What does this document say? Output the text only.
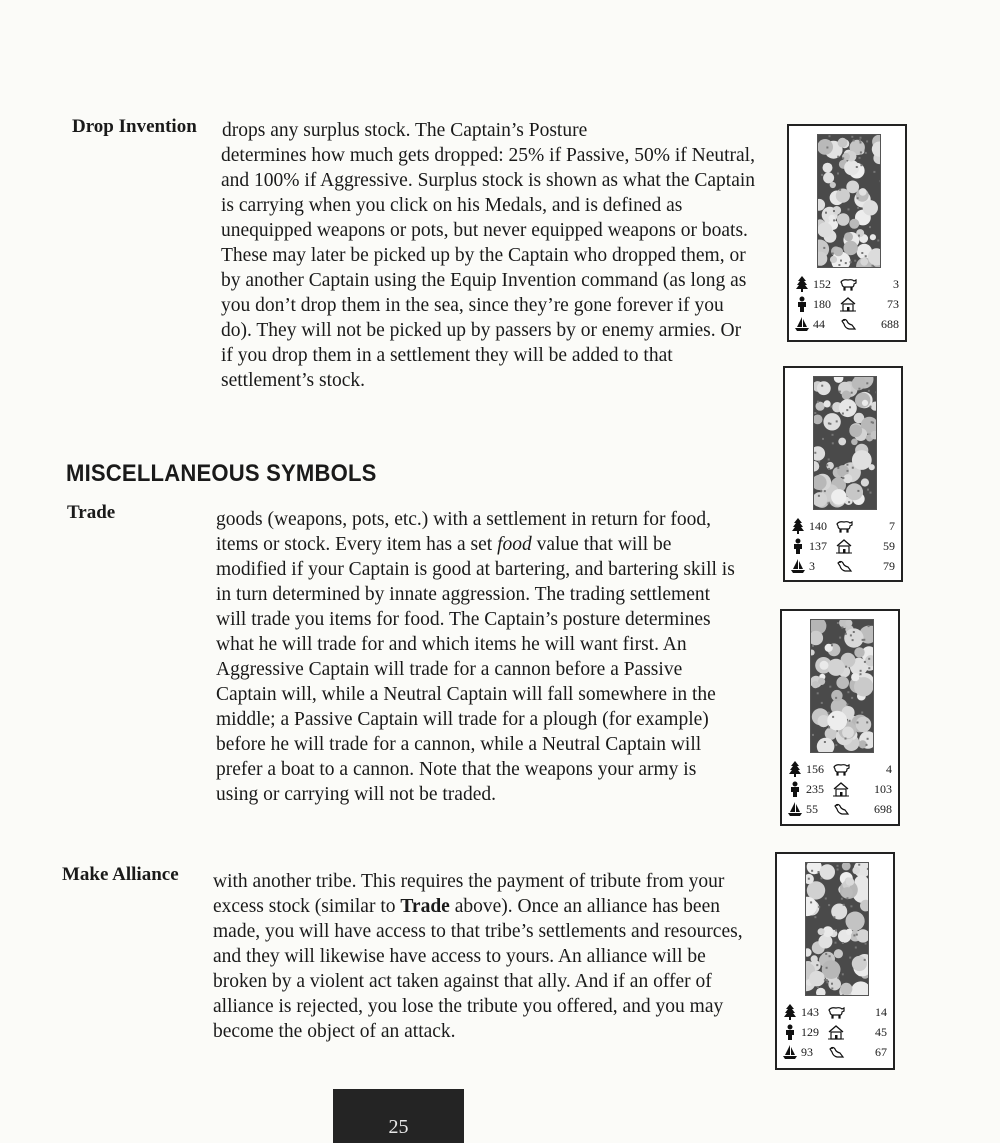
Drop Invention drops any surplus stock. The Captain’s Posture

determines how much gets dropped: 25% if Passive, 50% if Neutral, and 100% if Aggressive. Surplus stock is shown as what the Captain is carrying when you click on his Medals, and is defined as unequipped weapons or pots, but never equipped weapons or boats. These may later be picked up by the Captain who dropped them, or by another Captain using the Equip Invention command (as long as you don’t drop them in the sea, since they’re gone forever if you do). They will not be picked up by passers by or enemy armies. Or if you drop them in a settlement they will be added to that settlement’s stock.

MISCELLANEOUS SYMBOLS
Trade	goods (weapons, pots, etc.) with a settlement in return for food, items or stock. Every item has a set food value that will be modified if your Captain is good at bartering, and bartering skill is in turn determined by innate aggression. The trading settlement will trade you items for food. The Captain’s posture determines what he will trade for and which items he will want first. An Aggressive Captain will trade for a cannon before a Passive Captain will, while a Neutral Captain will fall somewhere in the middle; a Passive Captain will trade for a plough (for example) before he will trade for a cannon, while a Neutral Captain will prefer a boat to a cannon. Note that the weapons your army is using or carrying will not be traded.

Make Alliance with another tribe. This requires the payment of tribute from your excess stock (similar to Trade above). Once an alliance has been made, you will have access to that tribe’s settlements and resources, and they will likewise have access to yours. An alliance will be broken by a violent act taken against that ally. And if an offer of alliance is rejected, you lose the tribute you offered, and you may become the object of an attack.

152	3
180	73
44	688
140	7
137	59
3	79
156	4
235	103
55	698
143	14
129	45
93	67
25
